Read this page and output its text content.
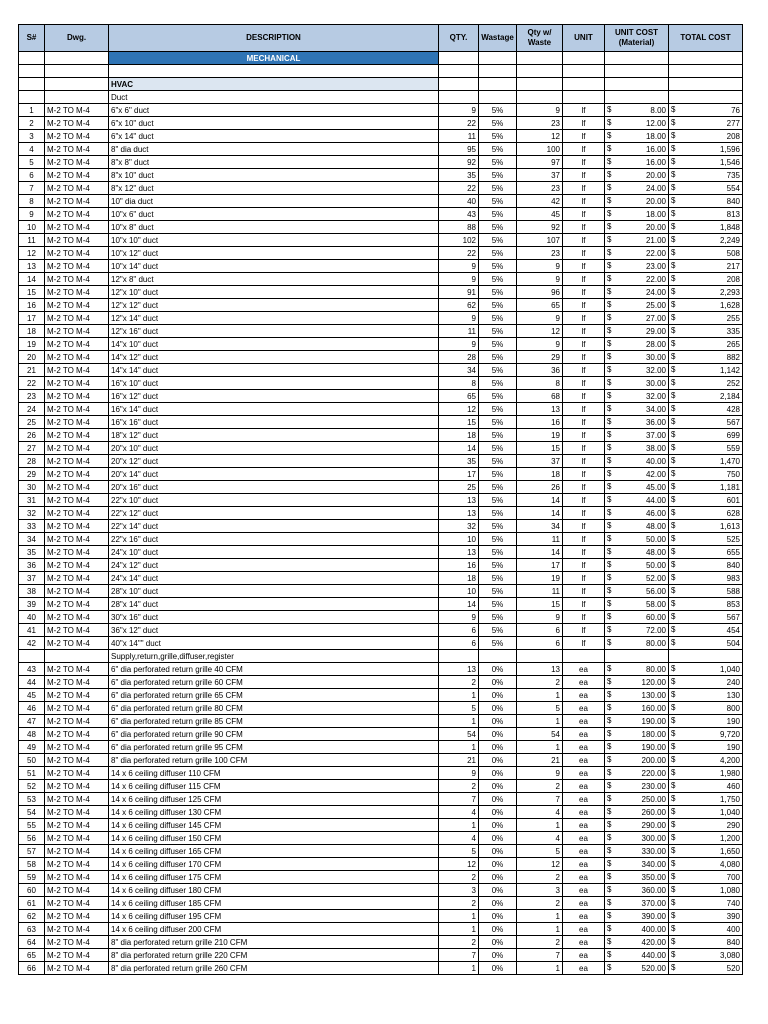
S#	Dwg.	DESCRIPTION	QTY.	Wastage	Qty w/ Waste	UNIT	UNIT COST (Material)	TOTAL COST
		MECHANICAL						

		HVAC						
		Duct						
1	M-2 TO M-4	6"x 6" duct	9	5%	9	lf	$ 8.00	$ 76
2	M-2 TO M-4	6"x 10" duct	22	5%	23	lf	$ 12.00	$ 277
3	M-2 TO M-4	6"x 14" duct	11	5%	12	lf	$ 18.00	$ 208
4	M-2 TO M-4	8" dia duct	95	5%	100	lf	$ 16.00	$ 1,596
5	M-2 TO M-4	8"x 8" duct	92	5%	97	lf	$ 16.00	$ 1,546
6	M-2 TO M-4	8"x 10" duct	35	5%	37	lf	$ 20.00	$ 735
7	M-2 TO M-4	8"x 12" duct	22	5%	23	lf	$ 24.00	$ 554
8	M-2 TO M-4	10" dia duct	40	5%	42	lf	$ 20.00	$ 840
9	M-2 TO M-4	10"x 6" duct	43	5%	45	lf	$ 18.00	$ 813
10	M-2 TO M-4	10"x 8" duct	88	5%	92	lf	$ 20.00	$ 1,848
11	M-2 TO M-4	10"x 10" duct	102	5%	107	lf	$ 21.00	$ 2,249
12	M-2 TO M-4	10"x 12" duct	22	5%	23	lf	$ 22.00	$ 508
13	M-2 TO M-4	10"x 14" duct	9	5%	9	lf	$ 23.00	$ 217
14	M-2 TO M-4	12"x 8" duct	9	5%	9	lf	$ 22.00	$ 208
15	M-2 TO M-4	12"x 10" duct	91	5%	96	lf	$ 24.00	$ 2,293
16	M-2 TO M-4	12"x 12" duct	62	5%	65	lf	$ 25.00	$ 1,628
17	M-2 TO M-4	12"x 14" duct	9	5%	9	lf	$ 27.00	$ 255
18	M-2 TO M-4	12"x 16" duct	11	5%	12	lf	$ 29.00	$ 335
19	M-2 TO M-4	14"x 10" duct	9	5%	9	lf	$ 28.00	$ 265
20	M-2 TO M-4	14"x 12" duct	28	5%	29	lf	$ 30.00	$ 882
21	M-2 TO M-4	14"x 14" duct	34	5%	36	lf	$ 32.00	$ 1,142
22	M-2 TO M-4	16"x 10" duct	8	5%	8	lf	$ 30.00	$ 252
23	M-2 TO M-4	16"x 12" duct	65	5%	68	lf	$ 32.00	$ 2,184
24	M-2 TO M-4	16"x 14" duct	12	5%	13	lf	$ 34.00	$ 428
25	M-2 TO M-4	16"x 16" duct	15	5%	16	lf	$ 36.00	$ 567
26	M-2 TO M-4	18"x 12" duct	18	5%	19	lf	$ 37.00	$ 699
27	M-2 TO M-4	20"x 10" duct	14	5%	15	lf	$ 38.00	$ 559
28	M-2 TO M-4	20"x 12" duct	35	5%	37	lf	$ 40.00	$ 1,470
29	M-2 TO M-4	20"x 14" duct	17	5%	18	lf	$ 42.00	$ 750
30	M-2 TO M-4	20"x 16" duct	25	5%	26	lf	$ 45.00	$ 1,181
31	M-2 TO M-4	22"x 10" duct	13	5%	14	lf	$ 44.00	$ 601
32	M-2 TO M-4	22"x 12" duct	13	5%	14	lf	$ 46.00	$ 628
33	M-2 TO M-4	22"x 14" duct	32	5%	34	lf	$ 48.00	$ 1,613
34	M-2 TO M-4	22"x 16" duct	10	5%	11	lf	$ 50.00	$ 525
35	M-2 TO M-4	24"x 10" duct	13	5%	14	lf	$ 48.00	$ 655
36	M-2 TO M-4	24"x 12" duct	16	5%	17	lf	$ 50.00	$ 840
37	M-2 TO M-4	24"x 14" duct	18	5%	19	lf	$ 52.00	$ 983
38	M-2 TO M-4	28"x 10" duct	10	5%	11	lf	$ 56.00	$ 588
39	M-2 TO M-4	28"x 14" duct	14	5%	15	lf	$ 58.00	$ 853
40	M-2 TO M-4	30"x 16" duct	9	5%	9	lf	$ 60.00	$ 567
41	M-2 TO M-4	36"x 12" duct	6	5%	6	lf	$ 72.00	$ 454
42	M-2 TO M-4	40"x 14"" duct	6	5%	6	lf	$ 80.00	$ 504
		Supply,return,grille,diffuser,register						
43	M-2 TO M-4	6" dia perforated return grille 40 CFM	13	0%	13	ea	$ 80.00	$ 1,040
44	M-2 TO M-4	6" dia perforated return grille 60 CFM	2	0%	2	ea	$ 120.00	$ 240
45	M-2 TO M-4	6" dia perforated return grille 65 CFM	1	0%	1	ea	$ 130.00	$ 130
46	M-2 TO M-4	6" dia perforated return grille 80 CFM	5	0%	5	ea	$ 160.00	$ 800
47	M-2 TO M-4	6" dia perforated return grille 85 CFM	1	0%	1	ea	$ 190.00	$ 190
48	M-2 TO M-4	6" dia perforated return grille 90 CFM	54	0%	54	ea	$ 180.00	$ 9,720
49	M-2 TO M-4	6" dia perforated return grille 95 CFM	1	0%	1	ea	$ 190.00	$ 190
50	M-2 TO M-4	8" dia perforated return grille 100 CFM	21	0%	21	ea	$ 200.00	$ 4,200
51	M-2 TO M-4	14 x 6 ceiling diffuser 110 CFM	9	0%	9	ea	$ 220.00	$ 1,980
52	M-2 TO M-4	14 x 6 ceiling diffuser 115 CFM	2	0%	2	ea	$ 230.00	$ 460
53	M-2 TO M-4	14 x 6 ceiling diffuser 125 CFM	7	0%	7	ea	$ 250.00	$ 1,750
54	M-2 TO M-4	14 x 6 ceiling diffuser 130 CFM	4	0%	4	ea	$ 260.00	$ 1,040
55	M-2 TO M-4	14 x 6 ceiling diffuser 145 CFM	1	0%	1	ea	$ 290.00	$ 290
56	M-2 TO M-4	14 x 6 ceiling diffuser 150 CFM	4	0%	4	ea	$ 300.00	$ 1,200
57	M-2 TO M-4	14 x 6 ceiling diffuser 165 CFM	5	0%	5	ea	$ 330.00	$ 1,650
58	M-2 TO M-4	14 x 6 ceiling diffuser 170 CFM	12	0%	12	ea	$ 340.00	$ 4,080
59	M-2 TO M-4	14 x 6 ceiling diffuser 175 CFM	2	0%	2	ea	$ 350.00	$ 700
60	M-2 TO M-4	14 x 6 ceiling diffuser 180 CFM	3	0%	3	ea	$ 360.00	$ 1,080
61	M-2 TO M-4	14 x 6 ceiling diffuser 185 CFM	2	0%	2	ea	$ 370.00	$ 740
62	M-2 TO M-4	14 x 6 ceiling diffuser 195 CFM	1	0%	1	ea	$ 390.00	$ 390
63	M-2 TO M-4	14 x 6 ceiling diffuser 200 CFM	1	0%	1	ea	$ 400.00	$ 400
64	M-2 TO M-4	8" dia perforated return grille 210 CFM	2	0%	2	ea	$ 420.00	$ 840
65	M-2 TO M-4	8" dia perforated return grille 220 CFM	7	0%	7	ea	$ 440.00	$ 3,080
66	M-2 TO M-4	8" dia perforated return grille 260 CFM	1	0%	1	ea	$ 520.00	$ 520
